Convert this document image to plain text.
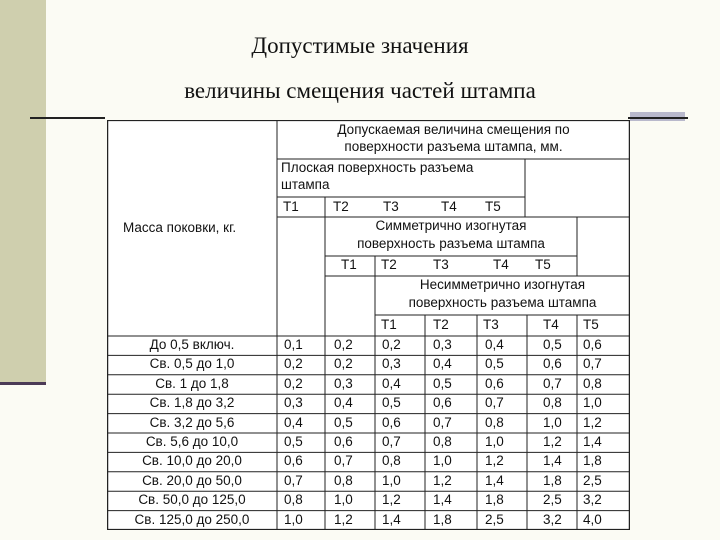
Допустимые значения
величины смещения частей штампа
Масса поковки, кг.
Допускаемая величина смещения по
поверхности разъема штампа, мм.
Плоская поверхность разъема
штампа
Т1	Т2	Т3	Т4 Т5
Симметрично изогнутая
поверхность разъема штампа
Т1 Т2	Т3	Т4 Т5
Несимметрично изогнутая
поверхность разъема штампа
Т1	Т2	Т3	Т4 Т5
До 0,5 включ.	0,1 0,2 0,2 0,3 0,4	0,5 0,6
Св. 0,5 до 1,0	0,2 0,2 0,3 0,4 0,5	0,6 0,7
Св. 1 до 1,8	0,2 0,3 0,4 0,5 0,6	0,7 0,8
Св. 1,8 до 3,2	0,3 0,4 0,5 0,6 0,7	0,8 1,0
Св. 3,2 до 5,6	0,4 0,5 0,6 0,7 0,8	1,0 1,2
Св. 5,6 до 10,0	0,5 0,6 0,7 0,8 1,0	1,2 1,4
Св. 10,0 до 20,0	0,6 0,7 0,8 1,0 1,2	1,4 1,8
Св. 20,0 до 50,0	0,7 0,8 1,0 1,2 1,4	1,8 2,5
Св. 50,0 до 125,0	0,8 1,0 1,2 1,4 1,8	2,5 3,2
Св. 125,0 до 250,0	1,0 1,2 1,4 1,8 2,5	3,2 4,0
